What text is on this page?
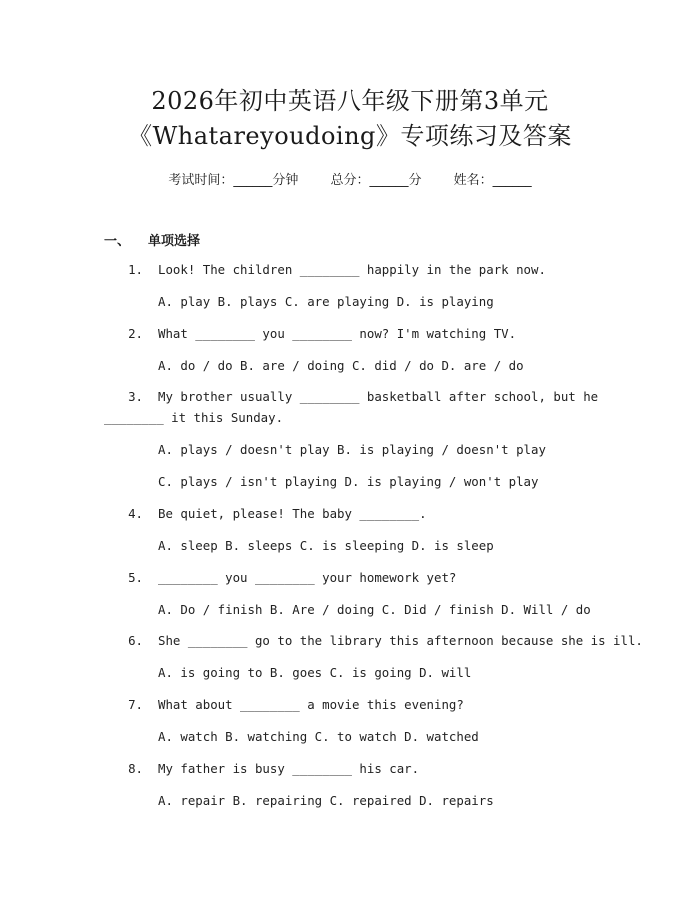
2026年初中英语八年级下册第3单元
《Whatareyoudoing》专项练习及答案
考试时间：______分钟 总分：______分 姓名：______
一、 单项选择
1. Look! The children ________ happily in the park now.
A. play B. plays C. are playing D. is playing
2. What ________ you ________ now? I'm watching TV.
A. do / do B. are / doing C. did / do D. are / do
3. My brother usually ________ basketball after school, but he
________ it this Sunday.
A. plays / doesn't play B. is playing / doesn't play
C. plays / isn't playing D. is playing / won't play
4. Be quiet, please! The baby ________.
A. sleep B. sleeps C. is sleeping D. is sleep
5. ________ you ________ your homework yet?
A. Do / finish B. Are / doing C. Did / finish D. Will / do
6. She ________ go to the library this afternoon because she is ill.
A. is going to B. goes C. is going D. will
7. What about ________ a movie this evening?
A. watch B. watching C. to watch D. watched
8. My father is busy ________ his car.
A. repair B. repairing C. repaired D. repairs
